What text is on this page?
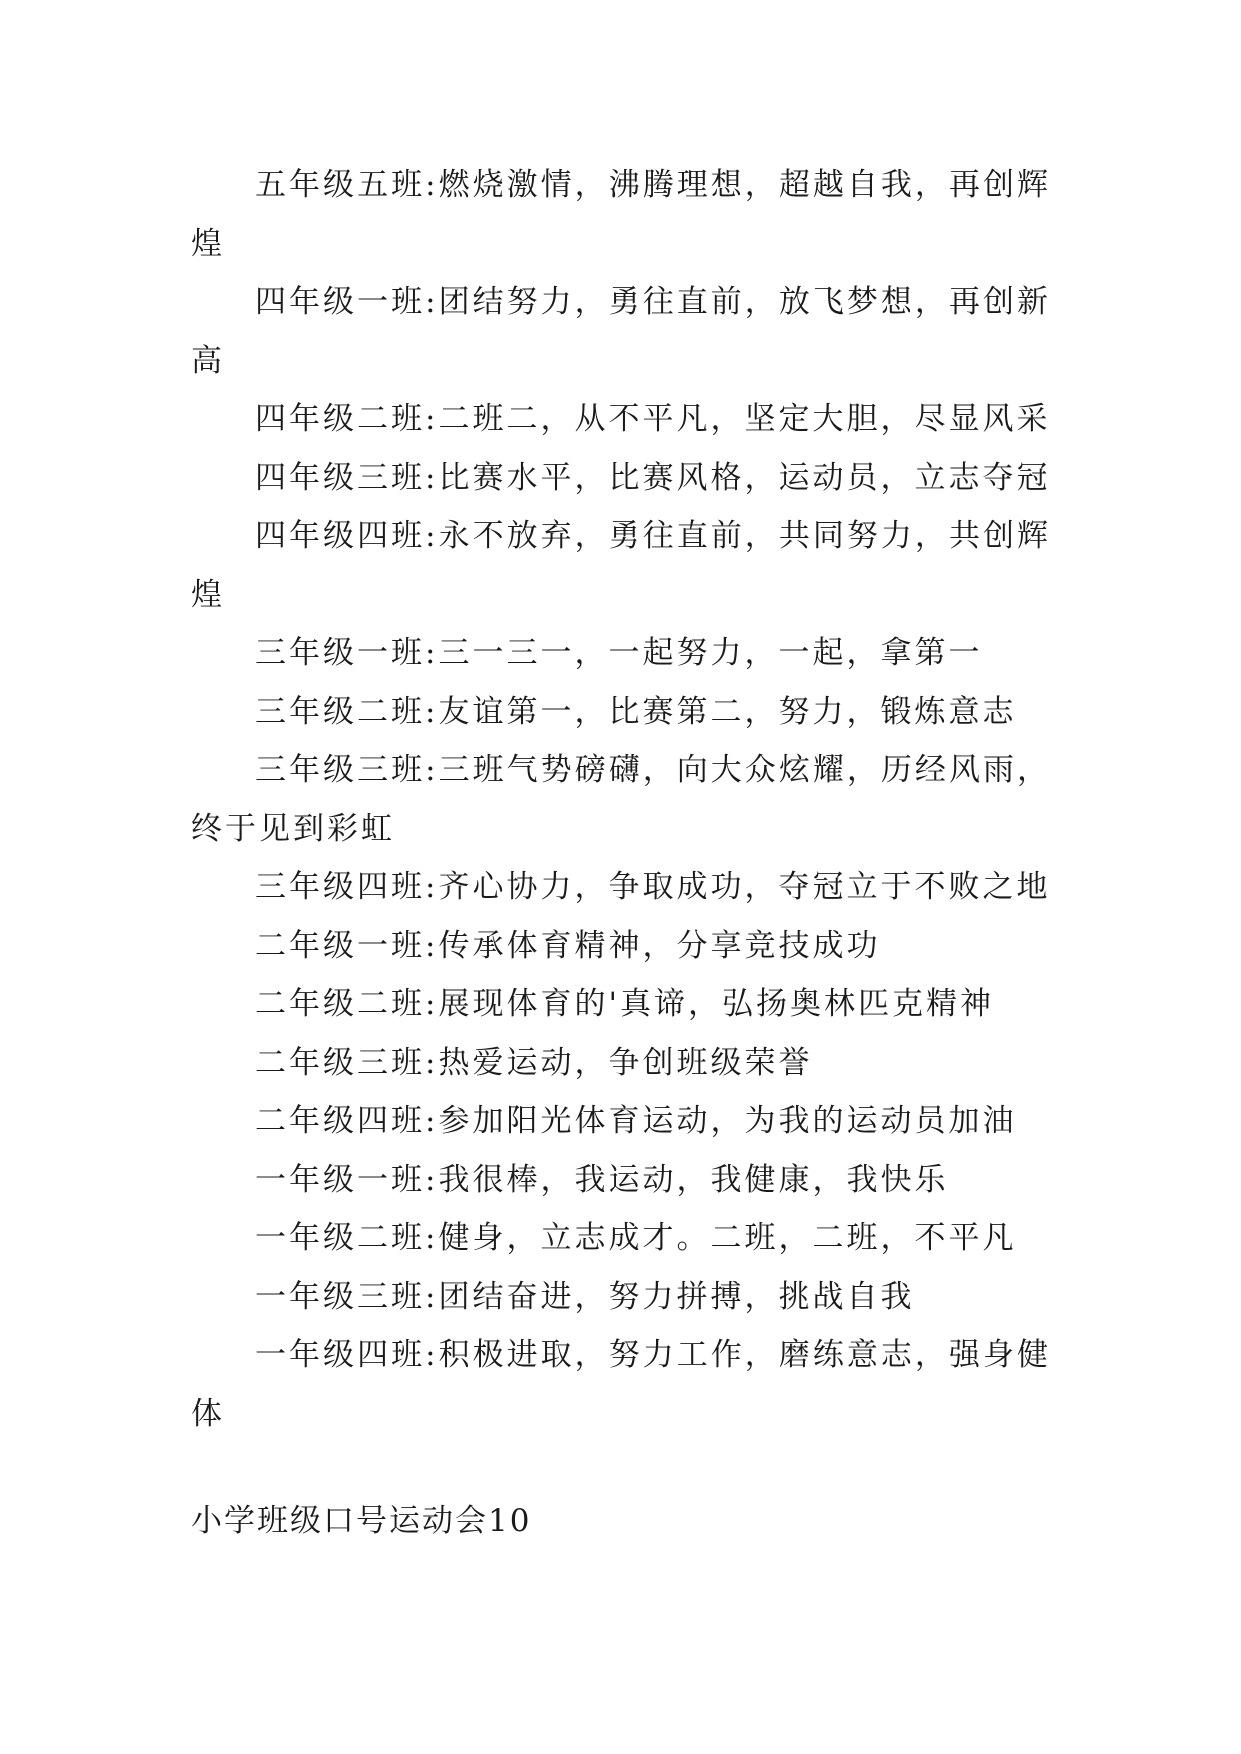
五年级五班:燃烧激情，沸腾理想，超越自我，再创辉煌

四年级一班:团结努力，勇往直前，放飞梦想，再创新高

四年级二班:二班二，从不平凡，坚定大胆，尽显风采

四年级三班:比赛水平，比赛风格，运动员，立志夺冠

四年级四班:永不放弃，勇往直前，共同努力，共创辉煌

三年级一班:三一三一，一起努力，一起，拿第一

三年级二班:友谊第一，比赛第二，努力，锻炼意志

三年级三班:三班气势磅礴，向大众炫耀，历经风雨，终于见到彩虹

三年级四班:齐心协力，争取成功，夺冠立于不败之地

二年级一班:传承体育精神，分享竞技成功

二年级二班:展现体育的'真谛，弘扬奥林匹克精神

二年级三班:热爱运动，争创班级荣誉

二年级四班:参加阳光体育运动，为我的运动员加油

一年级一班:我很棒，我运动，我健康，我快乐

一年级二班:健身，立志成才。二班，二班，不平凡

一年级三班:团结奋进，努力拼搏，挑战自我

一年级四班:积极进取，努力工作，磨练意志，强身健体

小学班级口号运动会10
